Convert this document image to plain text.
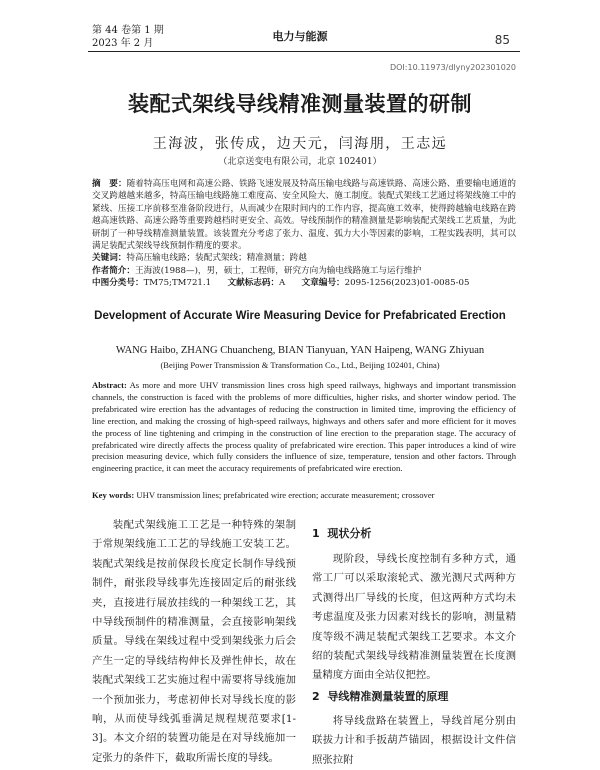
第 44 卷第 1 期
2023 年 2 月
电力与能源	85
DOI:10.11973/dlyny202301020
装配式架线导线精准测量装置的研制
王海波，张传成，边天元，闫海朋，王志远
（北京送变电有限公司，北京 102401）
摘　要：随着特高压电网和高速公路、铁路飞速发展及特高压输电线路与高速铁路、高速公路、重要输电通道的交叉跨越越来越多，特高压输电线路施工难度高、安全风险大、施工制度。装配式架线工艺通过将架线施工中的紧线、压接工序前移至准备阶段进行，从而减少在限时间内的工作内容，提高施工效率，使得跨越输电线路在跨越高速铁路、高速公路等重要跨越档时更安全、高效。导线预制作的精准测量是影响装配式架线工艺质量，为此研制了一种导线精准测量装置。该装置充分考虑了张力、温度、弧力大小等因素的影响，工程实践表明，其可以满足装配式架线导线预制作精度的要求。
关键词：特高压输电线路；装配式架线；精准测量；跨越
作者简介：王海波(1988—)，男，硕士，工程师，研究方向为输电线路施工与运行维护
中图分类号：TM75;TM721.1 文献标志码：A 文章编号：2095-1256(2023)01-0085-05
Development of Accurate Wire Measuring Device for Prefabricated Erection
WANG Haibo, ZHANG Chuancheng, BIAN Tianyuan, YAN Haipeng, WANG Zhiyuan
(Beijing Power Transmission & Transformation Co., Ltd., Beijing 102401, China)
Abstract: As more and more UHV transmission lines cross high speed railways, highways and important transmission channels, the construction is faced with the problems of more difficulties, higher risks, and shorter window period. The prefabricated wire erection has the advantages of reducing the construction in limited time, improving the efficiency of line erection, and making the crossing of high-speed railways, highways and others safer and more efficient for it moves the process of line tightening and crimping in the construction of line erection to the preparation stage. The accuracy of prefabricated wire directly affects the process quality of prefabricated wire erection. This paper introduces a kind of wire precision measuring device, which fully considers the influence of size, temperature, tension and other factors. Through engineering practice, it can meet the accuracy requirements of prefabricated wire erection.
Key words: UHV transmission lines; prefabricated wire erection; accurate measurement; crossover

装配式架线施工工艺是一种特殊的架制于常规架线施工工艺的导线施工安装工艺。装配式架线是按前保段长度定长制作导线预制件，耐张段导线事先连接固定后的耐张线夹，直接进行展放挂线的一种架线工艺，其中导线预制件的精准测量，会直接影响架线质量。导线在架线过程中受到架线张力后会产生一定的导线结构伸长及弹性伸长，故在装配式架线工艺实施过程中需要将导线施加一个预加张力，考虑初伸长对导线长度的影响，从而使导线弧垂满足规程规范要求[1-3]。本文介绍的装置功能是在对导线施加一定张力的条件下，截取所需长度的导线。

1 现状分析

现阶段，导线长度控制有多种方式，通常工厂可以采取滚轮式、激光测尺式两种方式测得出厂导线的长度，但这两种方式均未考虑温度及张力因素对线长的影响，测量精度等级不满足装配式架线工艺要求。本文介绍的装配式架线导线精准测量装置在长度测量精度方面由全站仪把控。

2 导线精准测量装置的原理

将导线盘路在装置上，导线首尾分别由联拔力计和手扳葫芦锚固，根据设计文件信照张拉附
